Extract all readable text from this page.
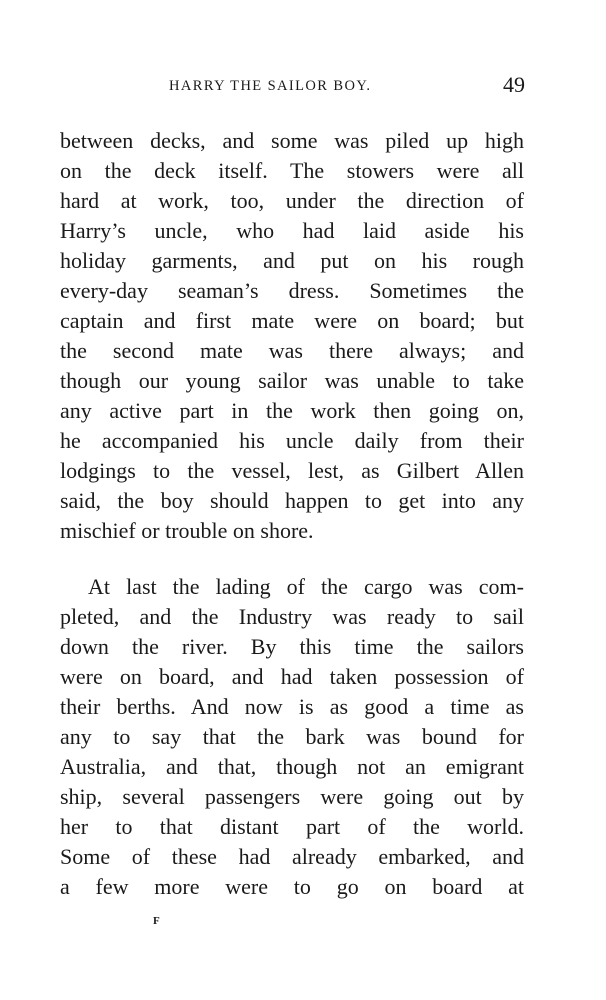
HARRY THE SAILOR BOY.	49
between decks, and some was piled up high
on the deck itself. The stowers were all
hard at work, too, under the direction of
Harry’s uncle, who had laid aside his
holiday garments, and put on his rough
every-day seaman’s dress. Sometimes the
captain and first mate were on board; but
the second mate was there always; and
though our young sailor was unable to take
any active part in the work then going on,
he accompanied his uncle daily from their
lodgings to the vessel, lest, as Gilbert Allen
said, the boy should happen to get into any
mischief or trouble on shore.
At last the lading of the cargo was com-
pleted, and the Industry was ready to sail
down the river. By this time the sailors
were on board, and had taken possession of
their berths. And now is as good a time as
any to say that the bark was bound for
Australia, and that, though not an emigrant
ship, several passengers were going out by
her to that distant part of the world.
Some of these had already embarked, and
a few more were to go on board at
F
